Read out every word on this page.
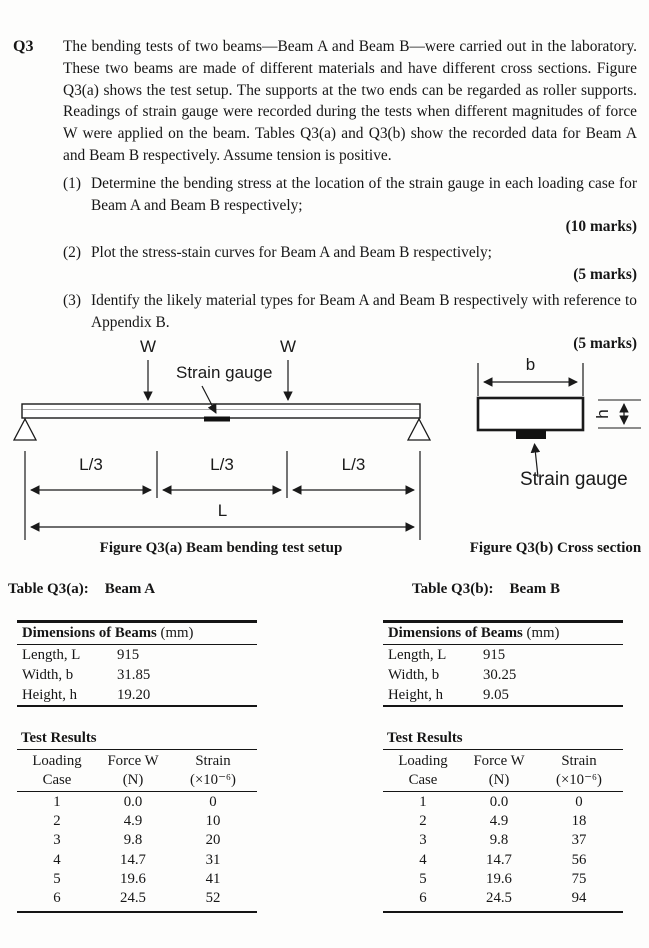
Q3	The bending tests of two beams—Beam A and Beam B—were carried out in the laboratory. These two beams are made of different materials and have different cross sections. Figure Q3(a) shows the test setup. The supports at the two ends can be regarded as roller supports. Readings of strain gauge were recorded during the tests when different magnitudes of force W were applied on the beam. Tables Q3(a) and Q3(b) show the recorded data for Beam A and Beam B respectively. Assume tension is positive.

(1) Determine the bending stress at the location of the strain gauge in each loading case for Beam A and Beam B respectively;
(10 marks)
(2) Plot the stress-stain curves for Beam A and Beam B respectively;
(5 marks)
(3) Identify the likely material types for Beam A and Beam B respectively with reference to Appendix B.
(5 marks)
W	W
Strain gauge
L/3	L/3	L/3
L
Figure Q3(a) Beam bending test setup
b
h
Strain gauge
Figure Q3(b) Cross section
Table Q3(a): Beam A
Dimensions of Beams (mm)
Length, L	915
Width, b	31.85
Height, h	19.20
Test Results
Loading
Case
Force W
(N)
Strain
(×10⁻⁶)
1	0.0	0
2	4.9	10
3	9.8	20
4	14.7	31
5	19.6	41
6	24.5	52
Table Q3(b): Beam B
Dimensions of Beams (mm)
Length, L	915
Width, b	30.25
Height, h	9.05
Test Results
Loading
Case
Force W
(N)
Strain
(×10⁻⁶)
1	0.0	0
2	4.9	18
3	9.8	37
4	14.7	56
5	19.6	75
6	24.5	94
